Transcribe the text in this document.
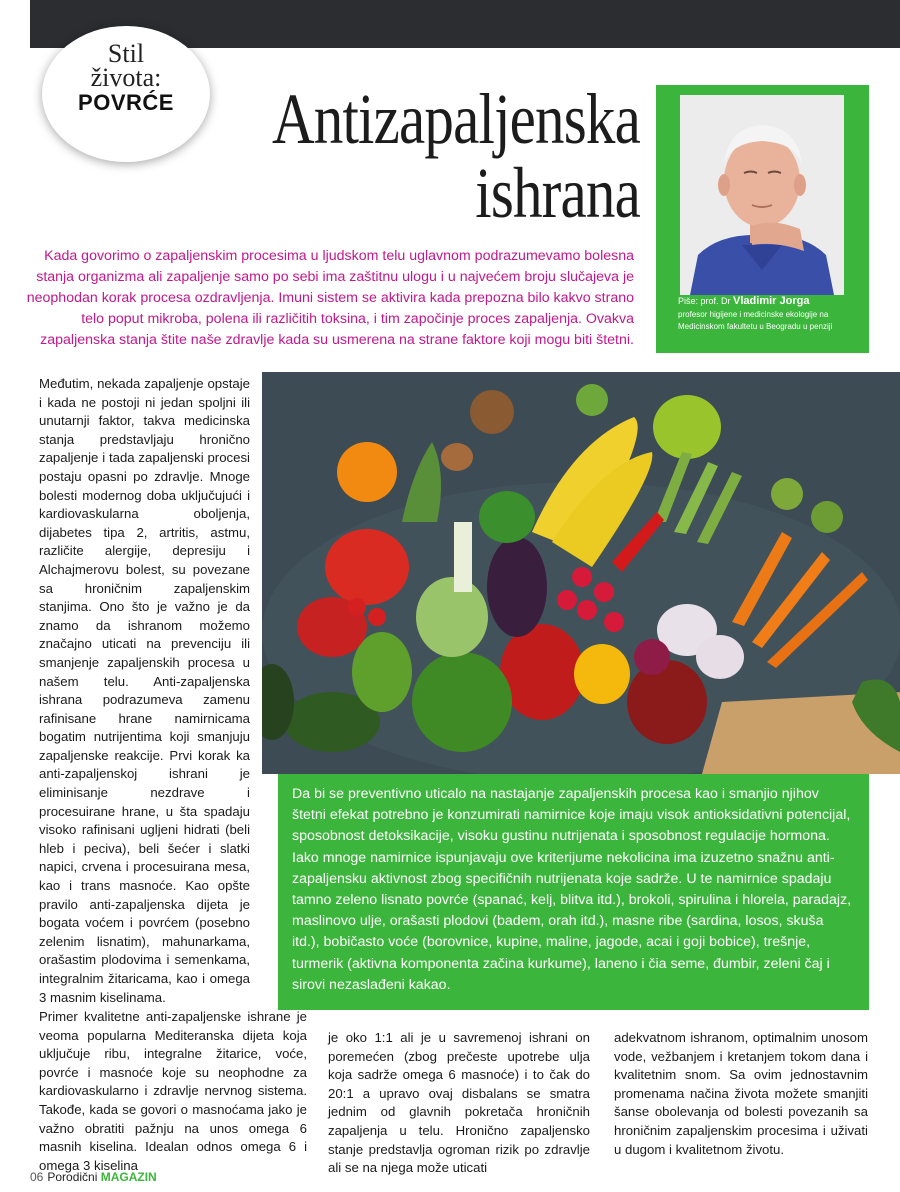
Stil
života:
POVRĆE	Antizapaljenska
ishrana
Piše: prof. Dr Vladimir Jorga
profesor higijene i medicinske ekologije na Medicinskom fakultetu u Beogradu u penziji
Kada govorimo o zapaljenskim procesima u ljudskom telu uglavnom podrazumevamo bolesna stanja organizma ali zapaljenje samo po sebi ima zaštitnu ulogu i u najvećem broju slučajeva je neophodan korak procesa ozdravljenja. Imuni sistem se aktivira kada prepozna bilo kakvo strano telo poput mikroba, polena ili različitih toksina, i tim započinje proces zapaljenja. Ovakva zapaljenska stanja štite naše zdravlje kada su usmerena na strane faktore koji mogu biti štetni.
Međutim, nekada zapaljenje opstaje i kada ne postoji ni jedan spoljni ili unutarnji faktor, takva medicinska stanja predstavljaju hronično zapaljenje i tada zapaljenski procesi postaju opasni po zdravlje. Mnoge bolesti modernog doba uključujući i kardiovaskularna oboljenja, dijabetes tipa 2, artritis, astmu, različite alergije, depresiju i Alchajmerovu bolest, su povezane sa hroničnim zapaljenskim stanjima. Ono što je važno je da znamo da ishranom možemo značajno uticati na prevenciju ili smanjenje zapaljenskih procesa u našem telu. Anti-zapaljenska ishrana podrazumeva zamenu rafinisane hrane namirnicama bogatim nutrijentima koji smanjuju zapaljenske reakcije. Prvi korak ka anti-zapaljenskoj ishrani je eliminisanje nezdrave i procesuirane hrane, u šta spadaju visoko rafinisani ugljeni hidrati (beli hleb i peciva), beli šećer i slatki napici, crvena i procesuirana mesa, kao i trans masnoće. Kao opšte pravilo anti-zapaljenska dijeta je bogata voćem i povrćem (posebno zelenim lisnatim), mahunarkama, orašastim plodovima i semenkama, integralnim žitaricama, kao i omega 3 masnim kiselinama.
Da bi se preventivno uticalo na nastajanje zapaljenskih procesa kao i smanjio njihov štetni efekat potrebno je konzumirati namirnice koje imaju visok antioksidativni potencijal, sposobnost detoksikacije, visoku gustinu nutrijenata i sposobnost regulacije hormona. Iako mnoge namirnice ispunjavaju ove kriterijume nekolicina ima izuzetno snažnu anti-zapaljensku aktivnost zbog specifičnih nutrijenata koje sadrže. U te namirnice spadaju tamno zeleno lisnato povrće (spanać, kelj, blitva itd.), brokoli, spirulina i hlorela, paradajz, maslinovo ulje, orašasti plodovi (badem, orah itd.), masne ribe (sardina, losos, skuša itd.), bobičasto voće (borovnice, kupine, maline, jagode, acai i goji bobice), trešnje, turmerik (aktivna komponenta začina kurkume), laneno i čia seme, đumbir, zeleni čaj i sirovi nezaslađeni kakao.
Primer kvalitetne anti-zapaljenske ishrane je veoma popularna Mediteranska dijeta koja uključuje ribu, integralne žitarice, voće, povrće i masnoće koje su neophodne za kardiovaskularno i zdravlje nervnog sistema. Takođe, kada se govori o masnoćama jako je važno obratiti pažnju na unos omega 6 masnih kiselina. Idealan odnos omega 6 i omega 3 kiselina
je oko 1:1 ali je u savremenoj ishrani on poremećen (zbog prečeste upotrebe ulja koja sadrže omega 6 masnoće) i to čak do 20:1 a upravo ovaj disbalans se smatra jednim od glavnih pokretača hroničnih zapaljenja u telu. Hronično zapaljensko stanje predstavlja ogroman rizik po zdravlje ali se na njega može uticati
adekvatnom ishranom, optimalnim unosom vode, vežbanjem i kretanjem tokom dana i kvalitetnim snom. Sa ovim jednostavnim promenama načina života možete smanjiti šanse obolevanja od bolesti povezanih sa hroničnim zapaljenskim procesima i uživati u dugom i kvalitetnom životu.
06 Porodični MAGAZIN
